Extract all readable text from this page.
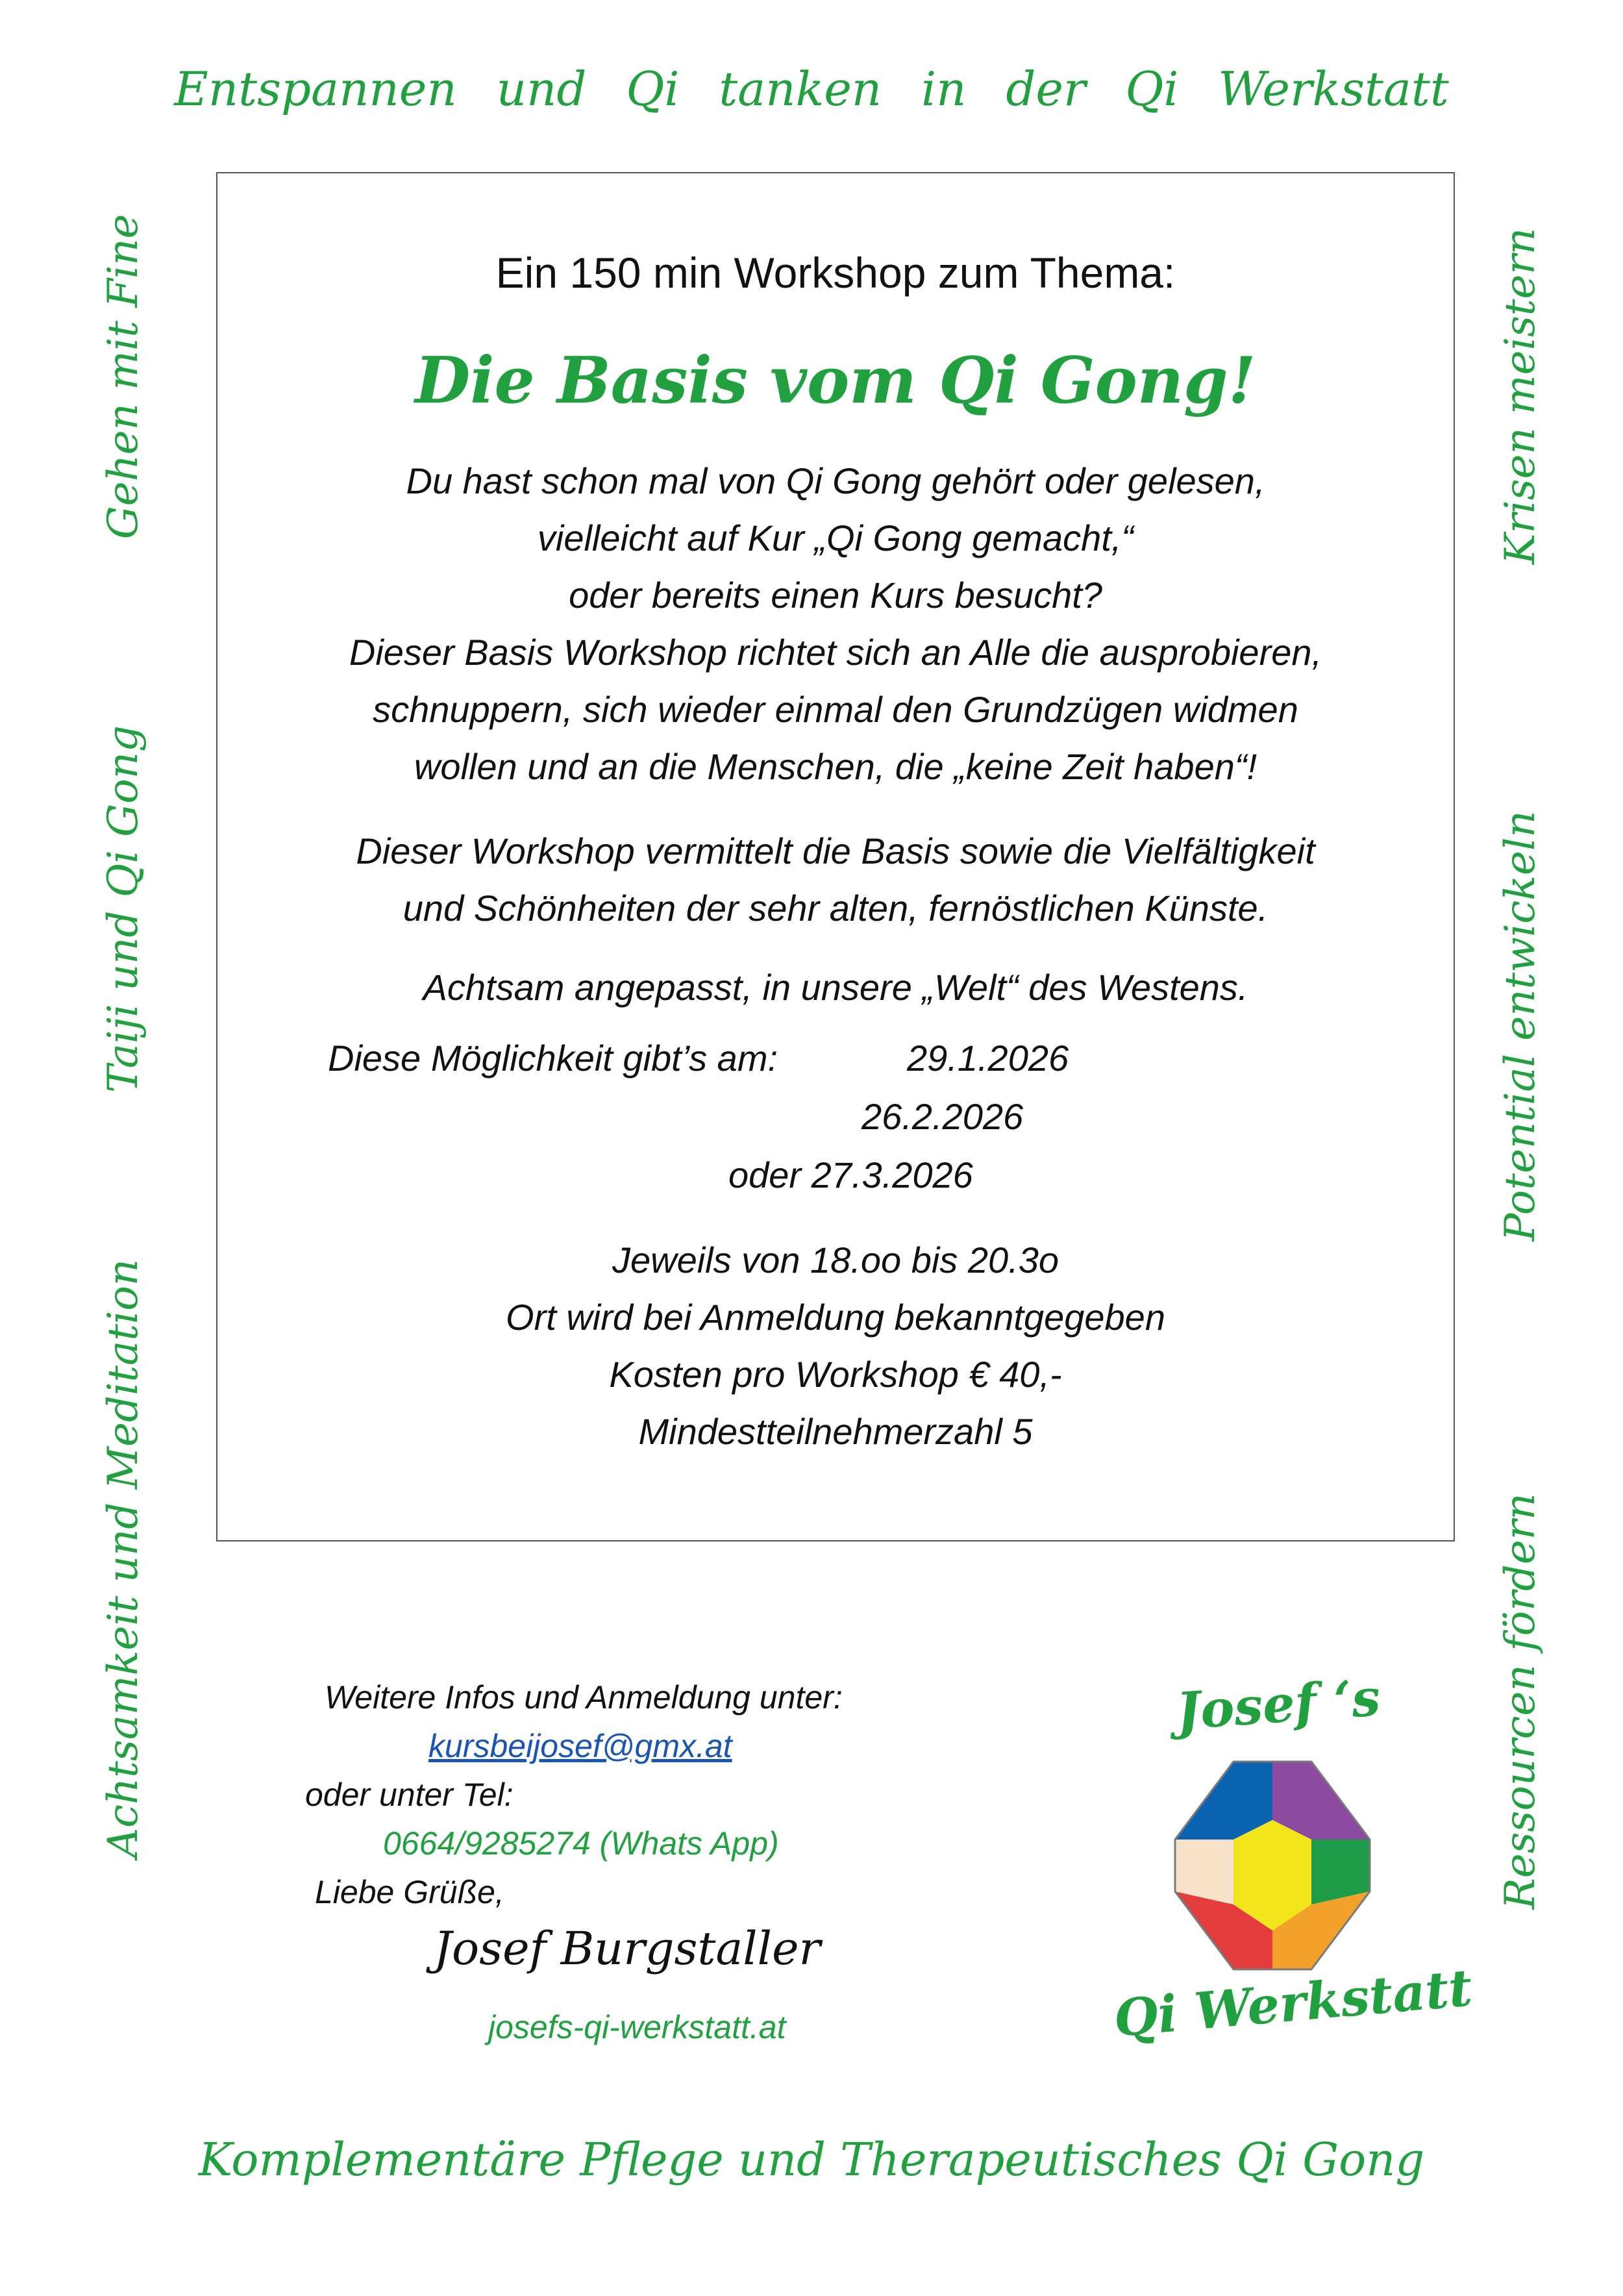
Entspannen und Qi tanken in der Qi Werkstatt
Gehen mit Fine
Taiji und Qi Gong
Achtsamkeit und Meditation
Krisen meistern
Potential entwickeln
Ressourcen fördern
Ein 150 min Workshop zum Thema:
Die Basis vom Qi Gong!
Du hast schon mal von Qi Gong gehört oder gelesen,
vielleicht auf Kur „Qi Gong gemacht,“
oder bereits einen Kurs besucht?
Dieser Basis Workshop richtet sich an Alle die ausprobieren,
schnuppern, sich wieder einmal den Grundzügen widmen
wollen und an die Menschen, die „keine Zeit haben“!
Dieser Workshop vermittelt die Basis sowie die Vielfältigkeit
und Schönheiten der sehr alten, fernöstlichen Künste.
Achtsam angepasst, in unsere „Welt“ des Westens.
Diese Möglichkeit gibt’s am:	29.1.2026
26.2.2026
oder 27.3.2026
Jeweils von 18.oo bis 20.3o
Ort wird bei Anmeldung bekanntgegeben
Kosten pro Workshop € 40,-
Mindestteilnehmerzahl 5
Weitere Infos und Anmeldung unter:
kursbeijosef@gmx.at
oder unter Tel:
0664/9285274 (Whats App)
Liebe Grüße,
Josef Burgstaller
josefs-qi-werkstatt.at
Josef ‘s
Qi Werkstatt
Komplementäre Pflege und Therapeutisches Qi Gong
